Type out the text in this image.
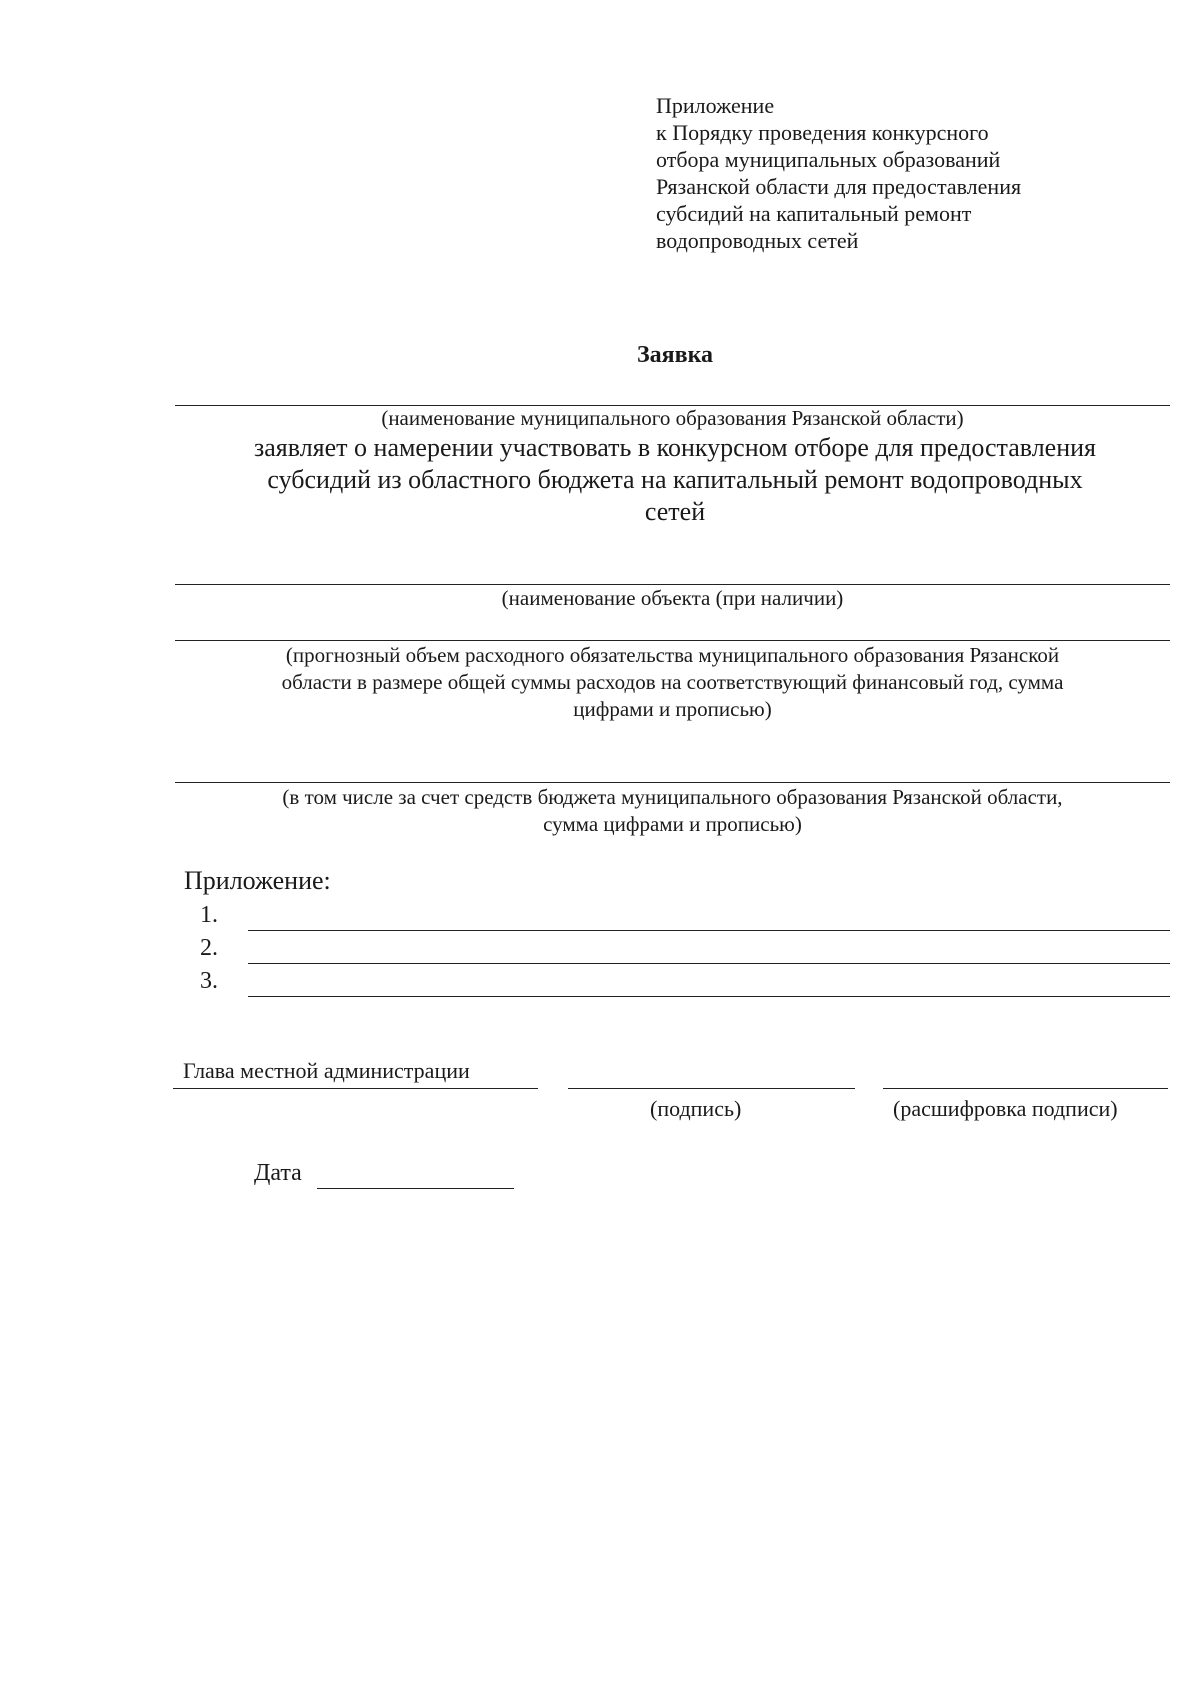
Приложение
к Порядку проведения конкурсного
отбора муниципальных образований
Рязанской области для предоставления
субсидий на капитальный ремонт
водопроводных сетей
Заявка
(наименование муниципального образования Рязанской области)
заявляет о намерении участвовать в конкурсном отборе для предоставления
субсидий из областного бюджета на капитальный ремонт водопроводных
сетей
(наименование объекта (при наличии)
(прогнозный объем расходного обязательства муниципального образования Рязанской
области в размере общей суммы расходов на соответствующий финансовый год, сумма
цифрами и прописью)
(в том числе за счет средств бюджета муниципального образования Рязанской области,
сумма цифрами и прописью)
Приложение:
1.
2.
3.
Глава местной администрации
(подпись)	(расшифровка подписи)
Дата
